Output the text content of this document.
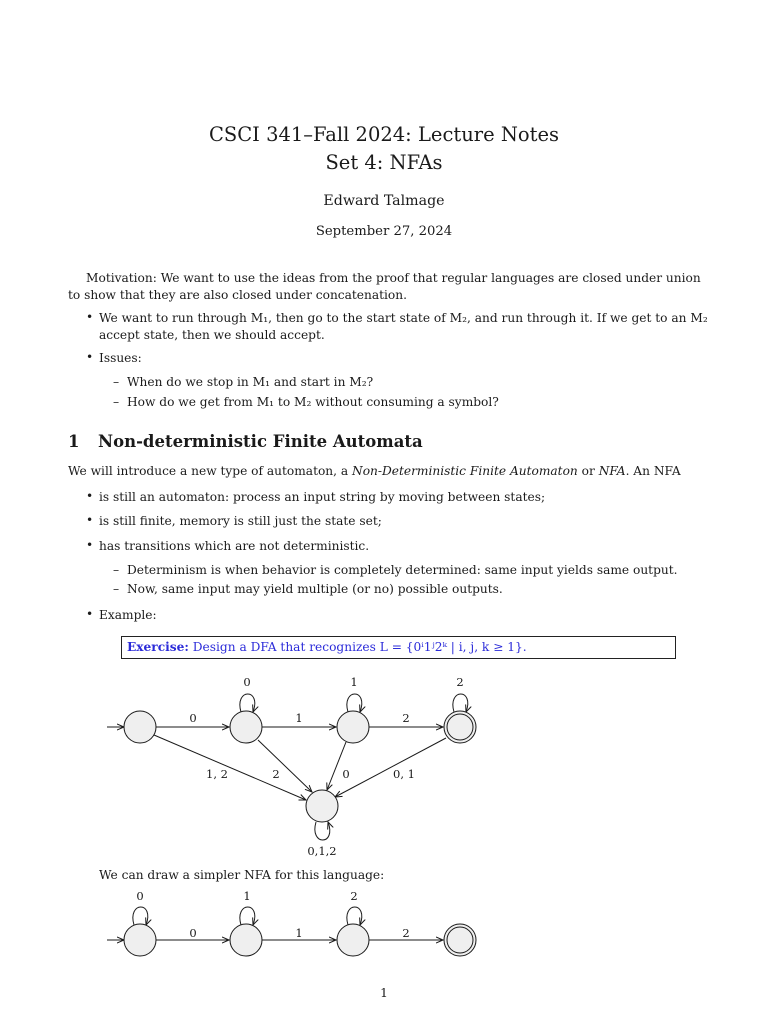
CSCI 341–Fall 2024: Lecture Notes
Set 4: NFAs
Edward Talmage
September 27, 2024
Motivation: We want to use the ideas from the proof that regular languages are closed under union to show that they are also closed under concatenation.
• We want to run through M₁, then go to the start state of M₂, and run through it. If we get to an M₂ accept state, then we should accept.
• Issues:
– When do we stop in M₁ and start in M₂?
– How do we get from M₁ to M₂ without consuming a symbol?
1 Non-deterministic Finite Automata
We will introduce a new type of automaton, a Non-Deterministic Finite Automaton or NFA. An NFA
• is still an automaton: process an input string by moving between states;
• is still finite, memory is still just the state set;
• has transitions which are not deterministic.
– Determinism is when behavior is completely determined: same input yields same output.
– Now, same input may yield multiple (or no) possible outputs.
• Example:
Exercise: Design a DFA that recognizes L = {0ⁱ1ʲ2ᵏ | i, j, k ≥ 1}.
0	1	2
0	1	2
1, 2	2	0	0, 1
0,1,2
We can draw a simpler NFA for this language:
0	1	2
0	1	2
1
